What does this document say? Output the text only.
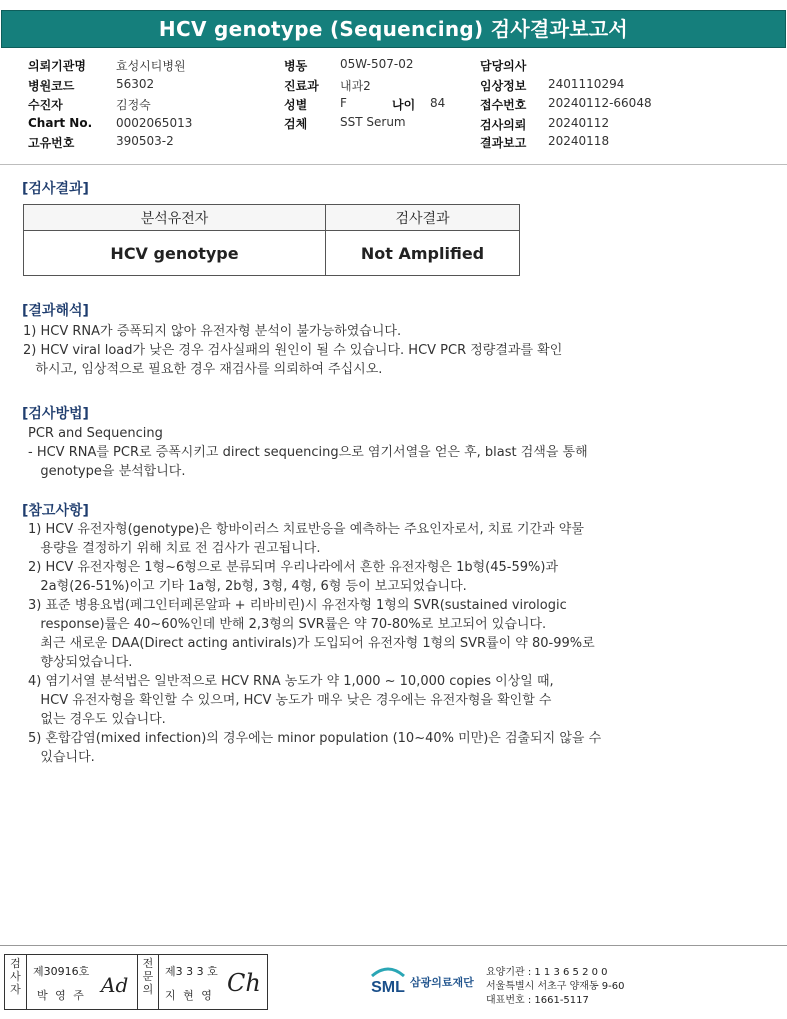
HCV genotype (Sequencing) 검사결과보고서
의뢰기관명	효성시티병원
병원코드	56302
수진자	김정숙
Chart No. 0002065013
고유번호	390503-2
병동	05W-507-02
진료과 내과2
성별	F	나이 84
검체	SST Serum
담당의사
임상정보 2401110294
접수번호 20240112-66048
검사의뢰 20240112
결과보고 20240118
[검사결과]
분석유전자	검사결과
HCV genotype	Not Amplified
[결과해석]
1) HCV RNA가 증폭되지 않아 유전자형 분석이 불가능하였습니다.
2) HCV viral load가 낮은 경우 검사실패의 원인이 될 수 있습니다. HCV PCR 정량결과를 확인
하시고, 임상적으로 필요한 경우 재검사를 의뢰하여 주십시오.
[검사방법]
PCR and Sequencing
- HCV RNA를 PCR로 증폭시키고 direct sequencing으로 염기서열을 얻은 후, blast 검색을 통해
genotype을 분석합니다.
[참고사항]
1) HCV 유전자형(genotype)은 항바이러스 치료반응을 예측하는 주요인자로서, 치료 기간과 약물
용량을 결정하기 위해 치료 전 검사가 권고됩니다.
2) HCV 유전자형은 1형~6형으로 분류되며 우리나라에서 흔한 유전자형은 1b형(45-59%)과
2a형(26-51%)이고 기타 1a형, 2b형, 3형, 4형, 6형 등이 보고되었습니다.
3) 표준 병용요법(페그인터페론알파 + 리바비린)시 유전자형 1형의 SVR(sustained virologic
response)률은 40~60%인데 반해 2,3형의 SVR률은 약 70-80%로 보고되어 있습니다.
최근 새로운 DAA(Direct acting antivirals)가 도입되어 유전자형 1형의 SVR률이 약 80-99%로
향상되었습니다.
4) 염기서열 분석법은 일반적으로 HCV RNA 농도가 약 1,000 ~ 10,000 copies 이상일 때,
HCV 유전자형을 확인할 수 있으며, HCV 농도가 매우 낮은 경우에는 유전자형을 확인할 수
없는 경우도 있습니다.
5) 혼합감염(mixed infection)의 경우에는 minor population (10~40% 미만)은 검출되지 않을 수
있습니다.
검사자
제30916호
박 영 주 Ad
전문의
제3 3 3 호
지 현 영 Ch	SML 삼광의료재단
요양기관 : 1 1 3 6 5 2 0 0
서울특별시 서초구 양재동 9-60
대표번호 : 1661-5117
